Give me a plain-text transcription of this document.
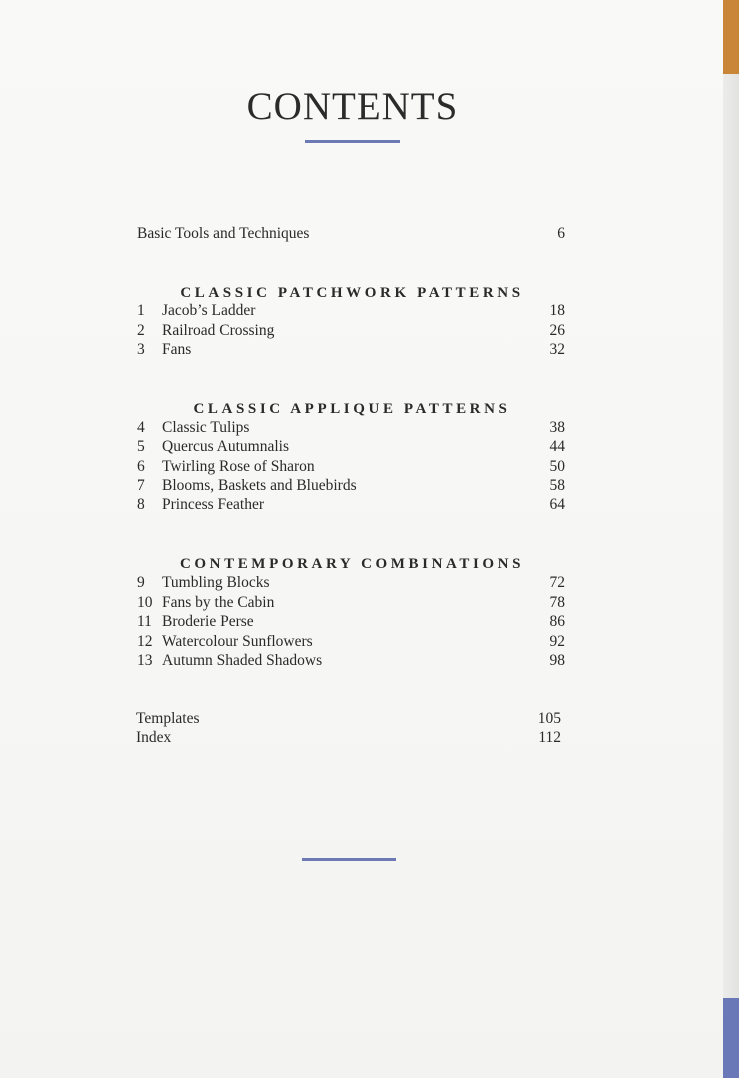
CONTENTS
Basic Tools and Techniques	6
CLASSIC PATCHWORK PATTERNS
1 Jacob’s Ladder	18
2 Railroad Crossing	26
3 Fans	32
CLASSIC APPLIQUE PATTERNS
4 Classic Tulips	38
5 Quercus Autumnalis	44
6 Twirling Rose of Sharon	50
7 Blooms, Baskets and Bluebirds	58
8 Princess Feather	64
CONTEMPORARY COMBINATIONS
9 Tumbling Blocks	72
10 Fans by the Cabin	78
11 Broderie Perse	86
12 Watercolour Sunflowers	92
13 Autumn Shaded Shadows	98
Templates	105
Index	112
